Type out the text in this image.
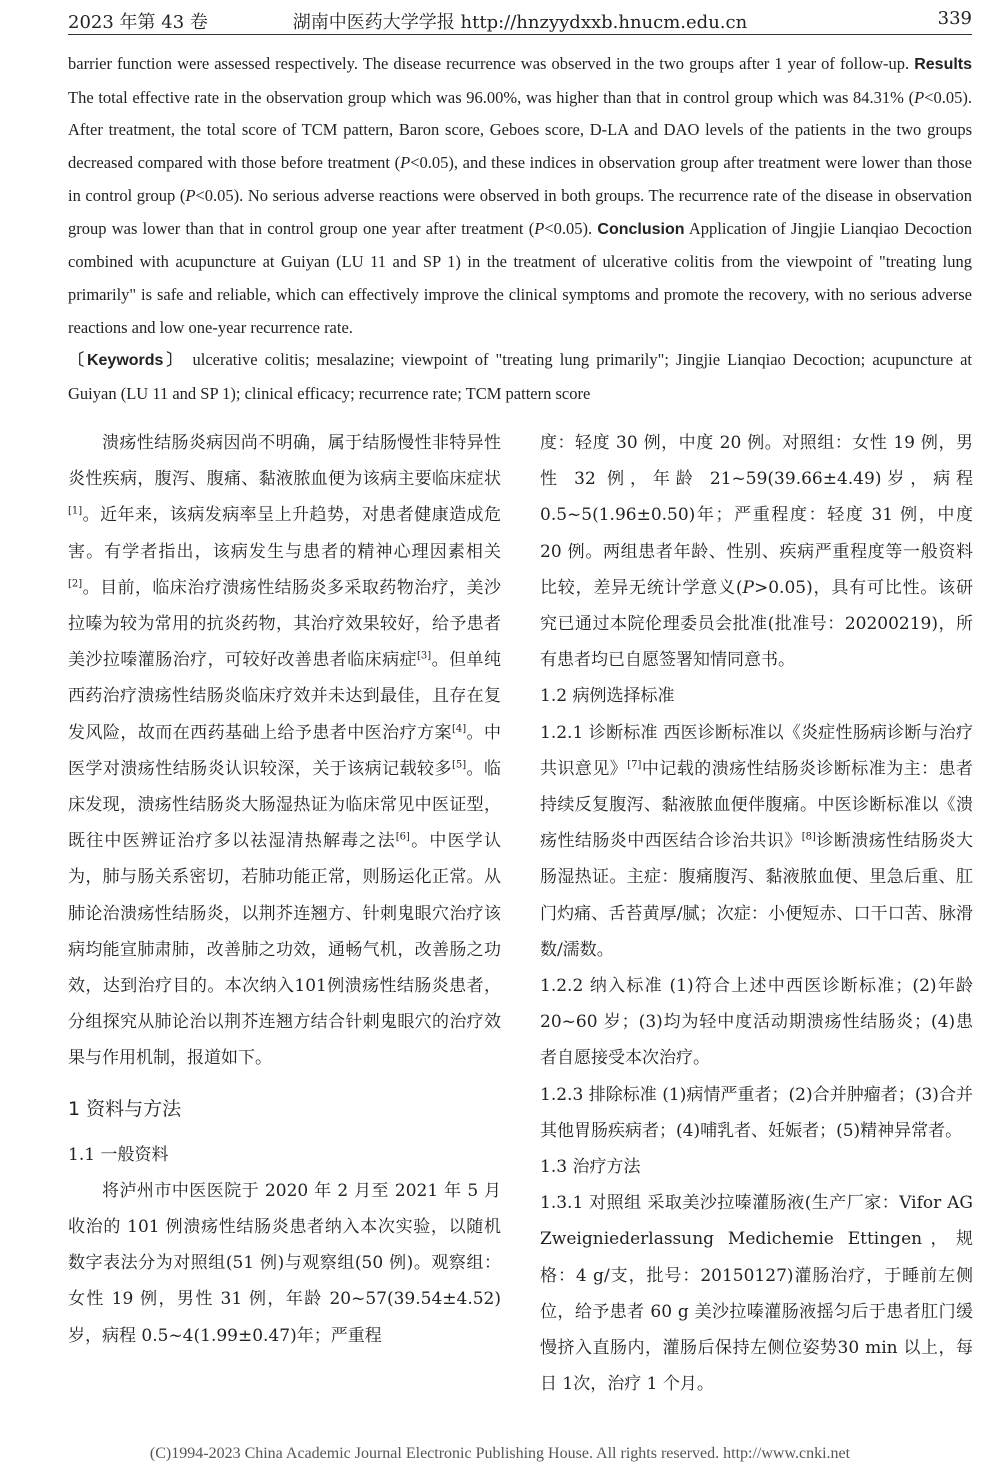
2023 年第 43 卷	湖南中医药大学学报 http://hnzyydxxb.hnucm.edu.cn	339

barrier function were assessed respectively. The disease recurrence was observed in the two groups after 1 year of follow-up. Results The total effective rate in the observation group which was 96.00%, was higher than that in control group which was 84.31% (P<0.05). After treatment, the total score of TCM pattern, Baron score, Geboes score, D-LA and DAO levels of the patients in the two groups decreased compared with those before treatment (P<0.05), and these indices in observation group after treatment were lower than those in control group (P<0.05). No serious adverse reactions were observed in both groups. The recurrence rate of the disease in observation group was lower than that in control group one year after treatment (P<0.05). Conclusion Application of Jingjie Lianqiao Decoction combined with acupuncture at Guiyan (LU 11 and SP 1) in the treatment of ulcerative colitis from the viewpoint of "treating lung primarily" is safe and reliable, which can effectively improve the clinical symptoms and promote the recovery, with no serious adverse reactions and low one-year recurrence rate.

〔Keywords〕 ulcerative colitis; mesalazine; viewpoint of "treating lung primarily"; Jingjie Lianqiao Decoction; acupuncture at Guiyan (LU 11 and SP 1); clinical efficacy; recurrence rate; TCM pattern score

溃疡性结肠炎病因尚不明确，属于结肠慢性非特异性炎性疾病，腹泻、腹痛、黏液脓血便为该病主要临床症状[1]。近年来，该病发病率呈上升趋势，对患者健康造成危害。有学者指出，该病发生与患者的精神心理因素相关[2]。目前，临床治疗溃疡性结肠炎多采取药物治疗，美沙拉嗪为较为常用的抗炎药物，其治疗效果较好，给予患者美沙拉嗪灌肠治疗，可较好改善患者临床病症[3]。但单纯西药治疗溃疡性结肠炎临床疗效并未达到最佳，且存在复发风险，故而在西药基础上给予患者中医治疗方案[4]。中医学对溃疡性结肠炎认识较深，关于该病记载较多[5]。临床发现，溃疡性结肠炎大肠湿热证为临床常见中医证型，既往中医辨证治疗多以祛湿清热解毒之法[6]。中医学认为，肺与肠关系密切，若肺功能正常，则肠运化正常。从肺论治溃疡性结肠炎，以荆芥连翘方、针刺鬼眼穴治疗该病均能宣肺肃肺，改善肺之功效，通畅气机，改善肠之功效，达到治疗目的。本次纳入101例溃疡性结肠炎患者，分组探究从肺论治以荆芥连翘方结合针刺鬼眼穴的治疗效果与作用机制，报道如下。

1 资料与方法

1.1 一般资料

将泸州市中医医院于 2020 年 2 月至 2021 年 5 月收治的 101 例溃疡性结肠炎患者纳入本次实验，以随机数字表法分为对照组(51 例)与观察组(50 例)。观察组：女性 19 例，男性 31 例，年龄 20~57(39.54±4.52)岁，病程 0.5~4(1.99±0.47)年；严重程

度：轻度 30 例，中度 20 例。对照组：女性 19 例，男性 32 例，年龄 21~59(39.66±4.49)岁，病程 0.5~5(1.96±0.50)年；严重程度：轻度 31 例，中度 20 例。两组患者年龄、性别、疾病严重程度等一般资料比较，差异无统计学意义(P>0.05)，具有可比性。该研究已通过本院伦理委员会批准(批准号：20200219)，所有患者均已自愿签署知情同意书。

1.2 病例选择标准

1.2.1 诊断标准 西医诊断标准以《炎症性肠病诊断与治疗共识意见》[7]中记载的溃疡性结肠炎诊断标准为主：患者持续反复腹泻、黏液脓血便伴腹痛。中医诊断标准以《溃疡性结肠炎中西医结合诊治共识》[8]诊断溃疡性结肠炎大肠湿热证。主症：腹痛腹泻、黏液脓血便、里急后重、肛门灼痛、舌苔黄厚/腻；次症：小便短赤、口干口苦、脉滑数/濡数。

1.2.2 纳入标准 (1)符合上述中西医诊断标准；(2)年龄 20~60 岁；(3)均为轻中度活动期溃疡性结肠炎；(4)患者自愿接受本次治疗。

1.2.3 排除标准 (1)病情严重者；(2)合并肿瘤者；(3)合并其他胃肠疾病者；(4)哺乳者、妊娠者；(5)精神异常者。

1.3 治疗方法

1.3.1 对照组 采取美沙拉嗪灌肠液(生产厂家：Vifor AG Zweigniederlassung Medichemie Ettingen，规格：4 g/支，批号：20150127)灌肠治疗，于睡前左侧位，给予患者 60 g 美沙拉嗪灌肠液摇匀后于患者肛门缓慢挤入直肠内，灌肠后保持左侧位姿势30 min 以上，每日 1次，治疗 1 个月。

(C)1994-2023 China Academic Journal Electronic Publishing House. All rights reserved. http://www.cnki.net
